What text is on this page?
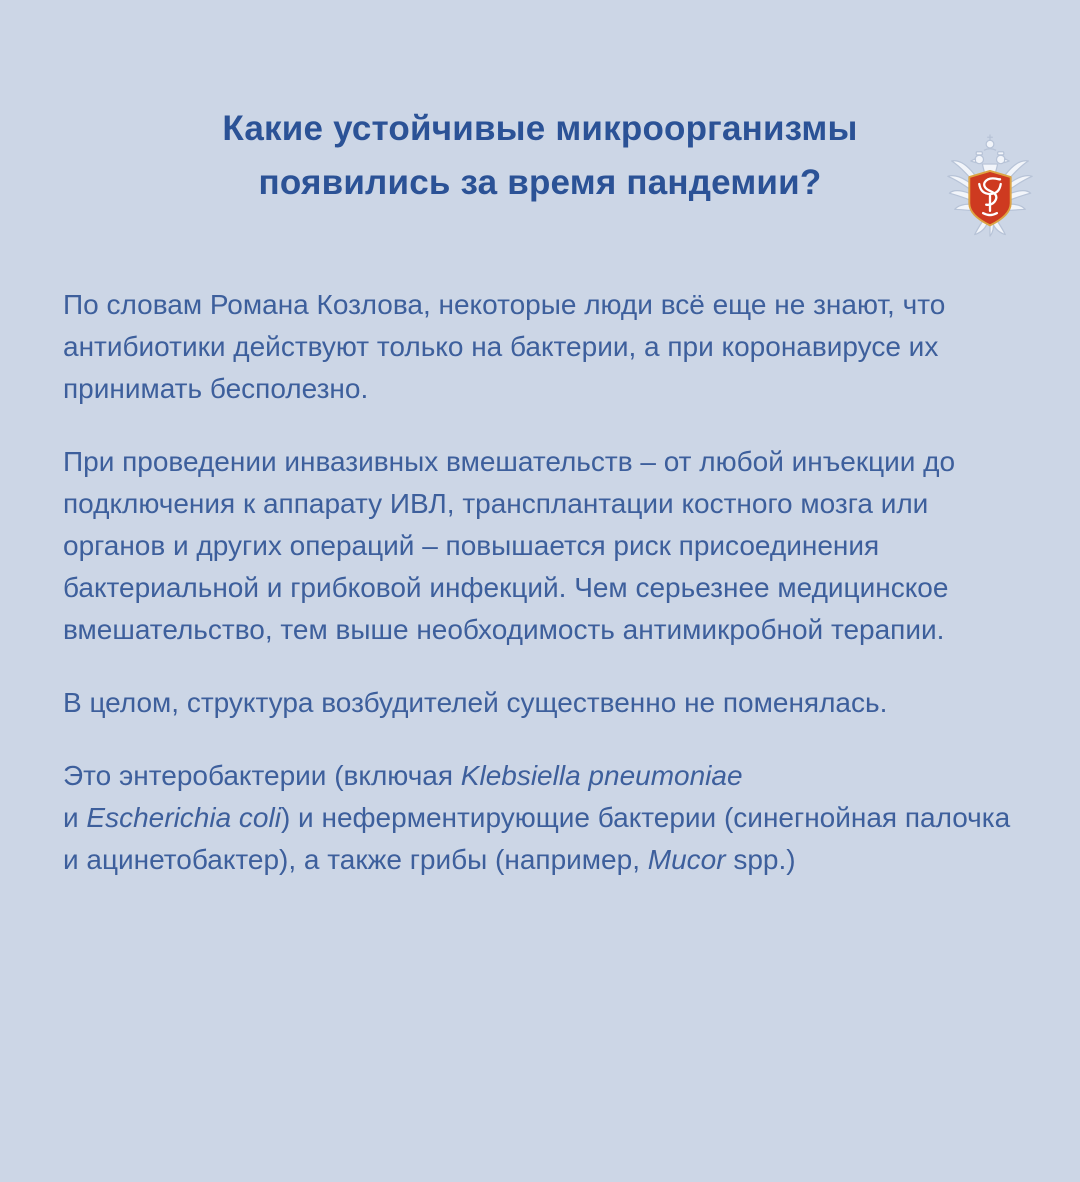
Какие устойчивые микроорганизмы
появились за время пандемии?

По словам Романа Козлова, некоторые люди всё еще не знают, что антибиотики действуют только на бактерии, а при коронавирусе их принимать бесполезно.

При проведении инвазивных вмешательств – от любой инъекции до подключения к аппарату ИВЛ, трансплантации костного мозга или органов и других операций – повышается риск присоединения бактериальной и грибковой инфекций. Чем серьезнее медицинское вмешательство, тем выше необходимость антимикробной терапии.

В целом, структура возбудителей существенно не поменялась.

Это энтеробактерии (включая Klebsiella pneumoniae
и Escherichia coli) и неферментирующие бактерии (синегнойная палочка и ацинетобактер), а также грибы (например, Mucor spp.)
